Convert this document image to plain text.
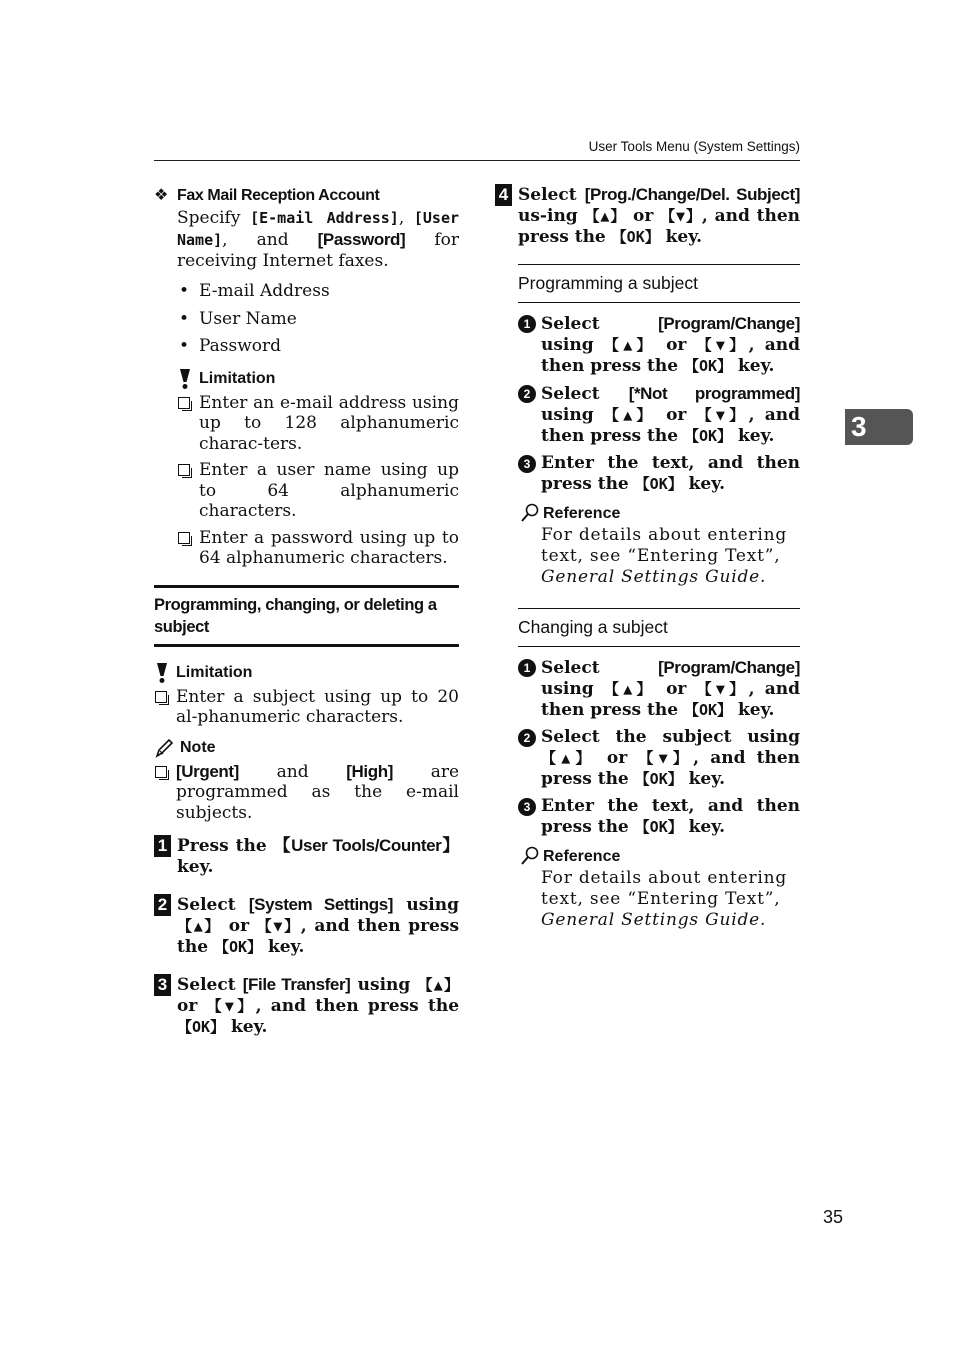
User Tools Menu (System Settings)
❖ Fax Mail Reception Account
Specify [E-mail Address], [User Name], and [Password] for receiving Internet faxes.
• E-mail Address
• User Name
• Password
Limitation
Enter an e-mail address using up to 128 alphanumeric charac-ters.
Enter a user name using up to 64 alphanumeric characters.
Enter a password using up to 64 alphanumeric characters.
Programming, changing, or deleting a subject
Limitation
Enter a subject using up to 20 al-phanumeric characters.
Note
[Urgent] and [High] are programmed as the e-mail subjects.
1 Press the 【User Tools/Counter】 key.
2 Select [System Settings] using 【▲】 or 【▼】, and then press the 【OK】 key.
3 Select [File Transfer] using 【▲】 or 【▼】, and then press the 【OK】 key.
4 Select [Prog./Change/Del. Subject] us-ing 【▲】 or 【▼】, and then press the 【OK】 key.
Programming a subject
1 Select	[Program/Change] using 【▲】 or 【▼】, and then press the 【OK】 key.
2 Select [*Not programmed] using 【▲】 or 【▼】, and then press the 【OK】 key.
3 Enter the text, and then press the 【OK】 key.
Reference
For details about entering text, see “Entering Text”,
General Settings Guide.
Changing a subject
1 Select	[Program/Change] using 【▲】 or 【▼】, and then press the 【OK】 key.
2 Select the subject using 【▲】 or 【▼】, and then press the 【OK】 key.
3 Enter the text, and then press the 【OK】 key.
Reference
For details about entering text, see “Entering Text”,
General Settings Guide.
3
35
